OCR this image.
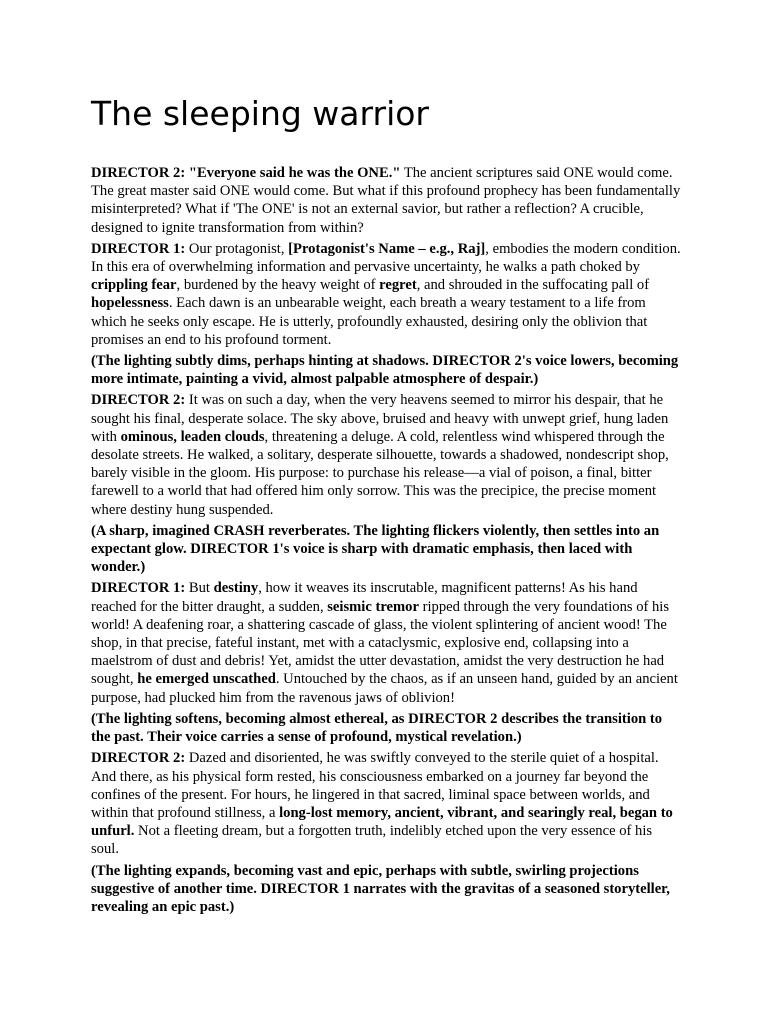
The sleeping warrior

DIRECTOR 2: "Everyone said he was the ONE." The ancient scriptures said ONE would come. The great master said ONE would come. But what if this profound prophecy has been fundamentally misinterpreted? What if 'The ONE' is not an external savior, but rather a reflection? A crucible, designed to ignite transformation from within?

DIRECTOR 1: Our protagonist, [Protagonist's Name – e.g., Raj], embodies the modern condition. In this era of overwhelming information and pervasive uncertainty, he walks a path choked by crippling fear, burdened by the heavy weight of regret, and shrouded in the suffocating pall of hopelessness. Each dawn is an unbearable weight, each breath a weary testament to a life from which he seeks only escape. He is utterly, profoundly exhausted, desiring only the oblivion that promises an end to his profound torment.

(The lighting subtly dims, perhaps hinting at shadows. DIRECTOR 2's voice lowers, becoming more intimate, painting a vivid, almost palpable atmosphere of despair.)

DIRECTOR 2: It was on such a day, when the very heavens seemed to mirror his despair, that he sought his final, desperate solace. The sky above, bruised and heavy with unwept grief, hung laden with ominous, leaden clouds, threatening a deluge. A cold, relentless wind whispered through the desolate streets. He walked, a solitary, desperate silhouette, towards a shadowed, nondescript shop, barely visible in the gloom. His purpose: to purchase his release—a vial of poison, a final, bitter farewell to a world that had offered him only sorrow. This was the precipice, the precise moment where destiny hung suspended.

(A sharp, imagined CRASH reverberates. The lighting flickers violently, then settles into an expectant glow. DIRECTOR 1's voice is sharp with dramatic emphasis, then laced with wonder.)

DIRECTOR 1: But destiny, how it weaves its inscrutable, magnificent patterns! As his hand reached for the bitter draught, a sudden, seismic tremor ripped through the very foundations of his world! A deafening roar, a shattering cascade of glass, the violent splintering of ancient wood! The shop, in that precise, fateful instant, met with a cataclysmic, explosive end, collapsing into a maelstrom of dust and debris! Yet, amidst the utter devastation, amidst the very destruction he had sought, he emerged unscathed. Untouched by the chaos, as if an unseen hand, guided by an ancient purpose, had plucked him from the ravenous jaws of oblivion!

(The lighting softens, becoming almost ethereal, as DIRECTOR 2 describes the transition to the past. Their voice carries a sense of profound, mystical revelation.)

DIRECTOR 2: Dazed and disoriented, he was swiftly conveyed to the sterile quiet of a hospital. And there, as his physical form rested, his consciousness embarked on a journey far beyond the confines of the present. For hours, he lingered in that sacred, liminal space between worlds, and within that profound stillness, a long-lost memory, ancient, vibrant, and searingly real, began to unfurl. Not a fleeting dream, but a forgotten truth, indelibly etched upon the very essence of his soul.

(The lighting expands, becoming vast and epic, perhaps with subtle, swirling projections suggestive of another time. DIRECTOR 1 narrates with the gravitas of a seasoned storyteller, revealing an epic past.)
